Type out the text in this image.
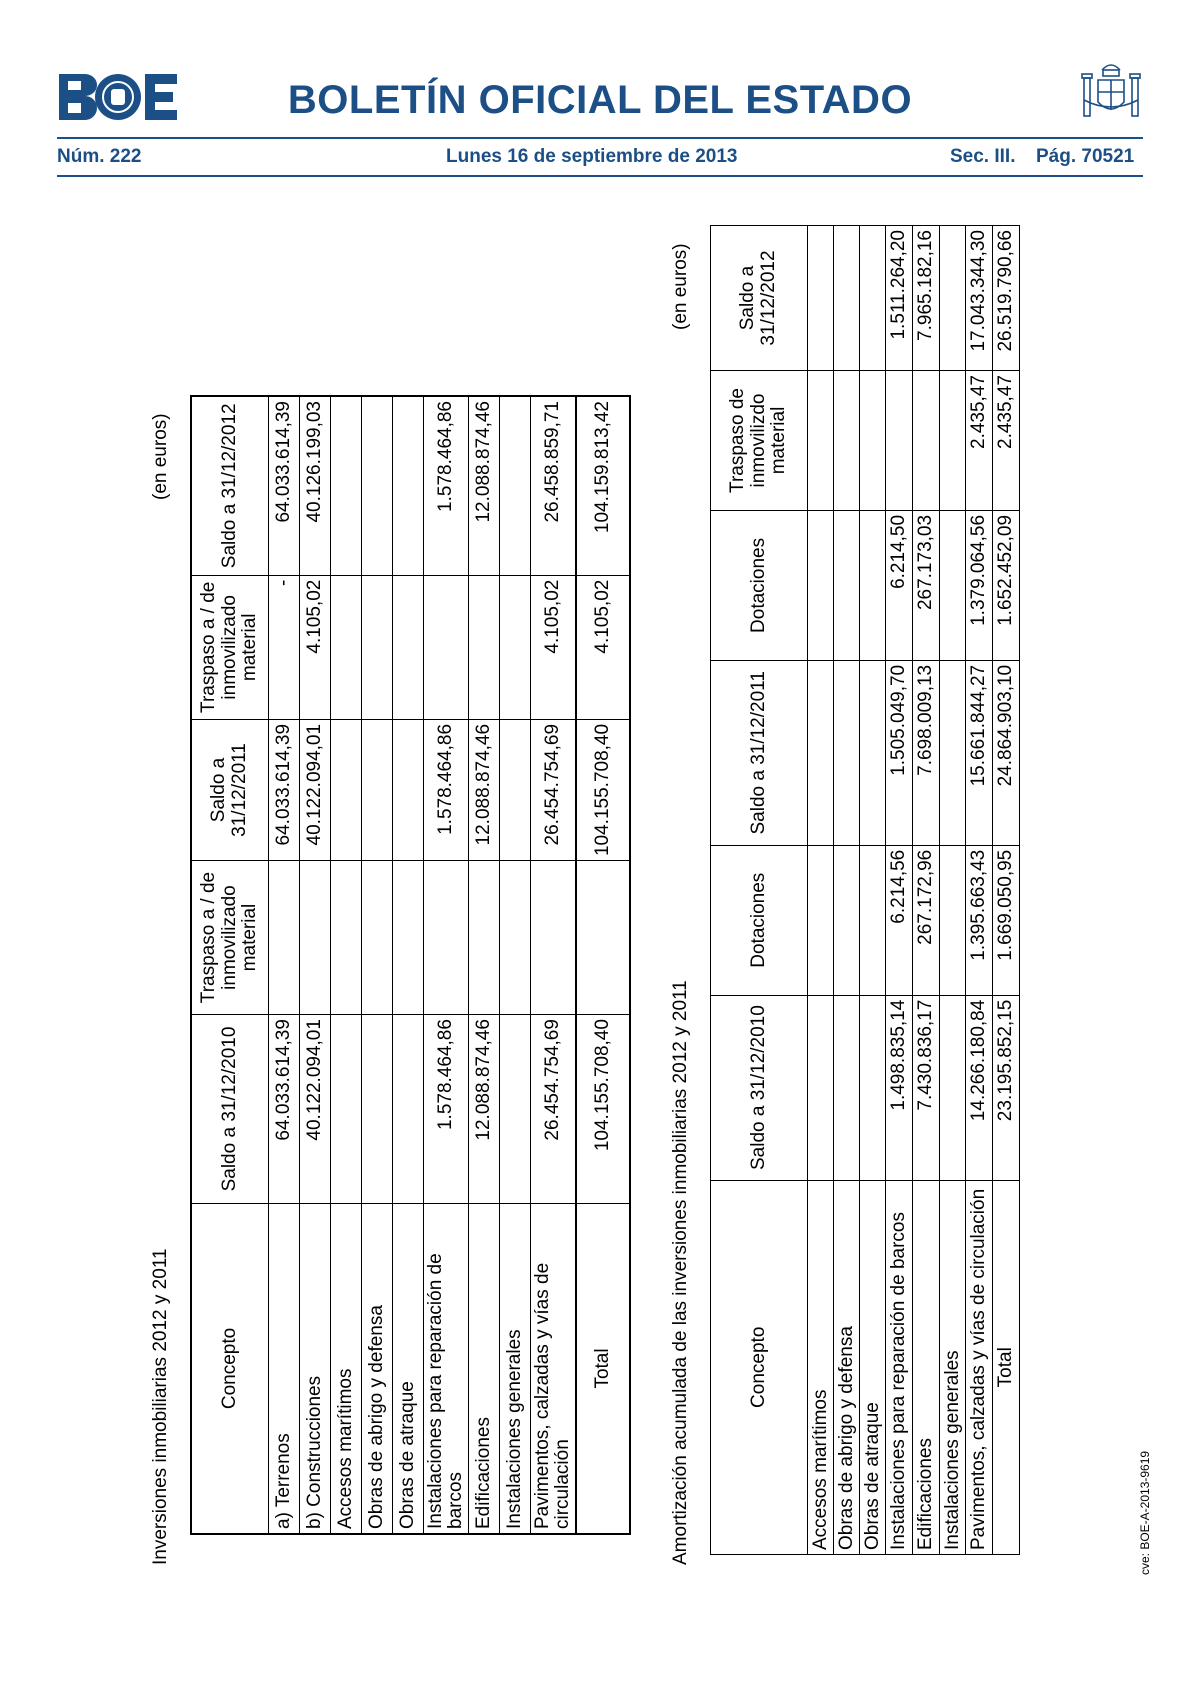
BOLETÍN OFICIAL DEL ESTADO
Núm. 222	Lunes 16 de septiembre de 2013	Sec. III. Pág. 70521
Inversiones inmobiliarias 2012 y 2011
(en euros)
Concepto	Saldo a 31/12/2010	Traspaso a / de inmovilizado material	Saldo a 31/12/2011	Traspaso a / de inmovilizado material	Saldo a 31/12/2012
a) Terrenos	64.033.614,39		64.033.614,39	-	64.033.614,39
b) Construcciones	40.122.094,01		40.122.094,01	4.105,02	40.126.199,03
Accesos marítimos					
Obras de abrigo y defensa					
Obras de atraque					
Instalaciones para reparación de barcos	1.578.464,86		1.578.464,86		1.578.464,86
Edificaciones	12.088.874,46		12.088.874,46		12.088.874,46
Instalaciones generales					
Pavimentos, calzadas y vías de circulación	26.454.754,69		26.454.754,69	4.105,02	26.458.859,71
Total	104.155.708,40		104.155.708,40	4.105,02	104.159.813,42
Amortización acumulada de las inversiones inmobiliarias 2012 y 2011
(en euros)
Concepto	Saldo a 31/12/2010	Dotaciones	Saldo a 31/12/2011	Dotaciones	Traspaso de inmovilizdo material	Saldo a 31/12/2012
Accesos marítimos						
Obras de abrigo y defensa						
Obras de atraque						
Instalaciones para reparación de barcos	1.498.835,14	6.214,56	1.505.049,70	6.214,50		1.511.264,20
Edificaciones	7.430.836,17	267.172,96	7.698.009,13	267.173,03		7.965.182,16
Instalaciones generales						
Pavimentos, calzadas y vías de circulación	14.266.180,84	1.395.663,43	15.661.844,27	1.379.064,56	2.435,47	17.043.344,30
Total	23.195.852,15	1.669.050,95	24.864.903,10	1.652.452,09	2.435,47	26.519.790,66
cve: BOE-A-2013-9619
